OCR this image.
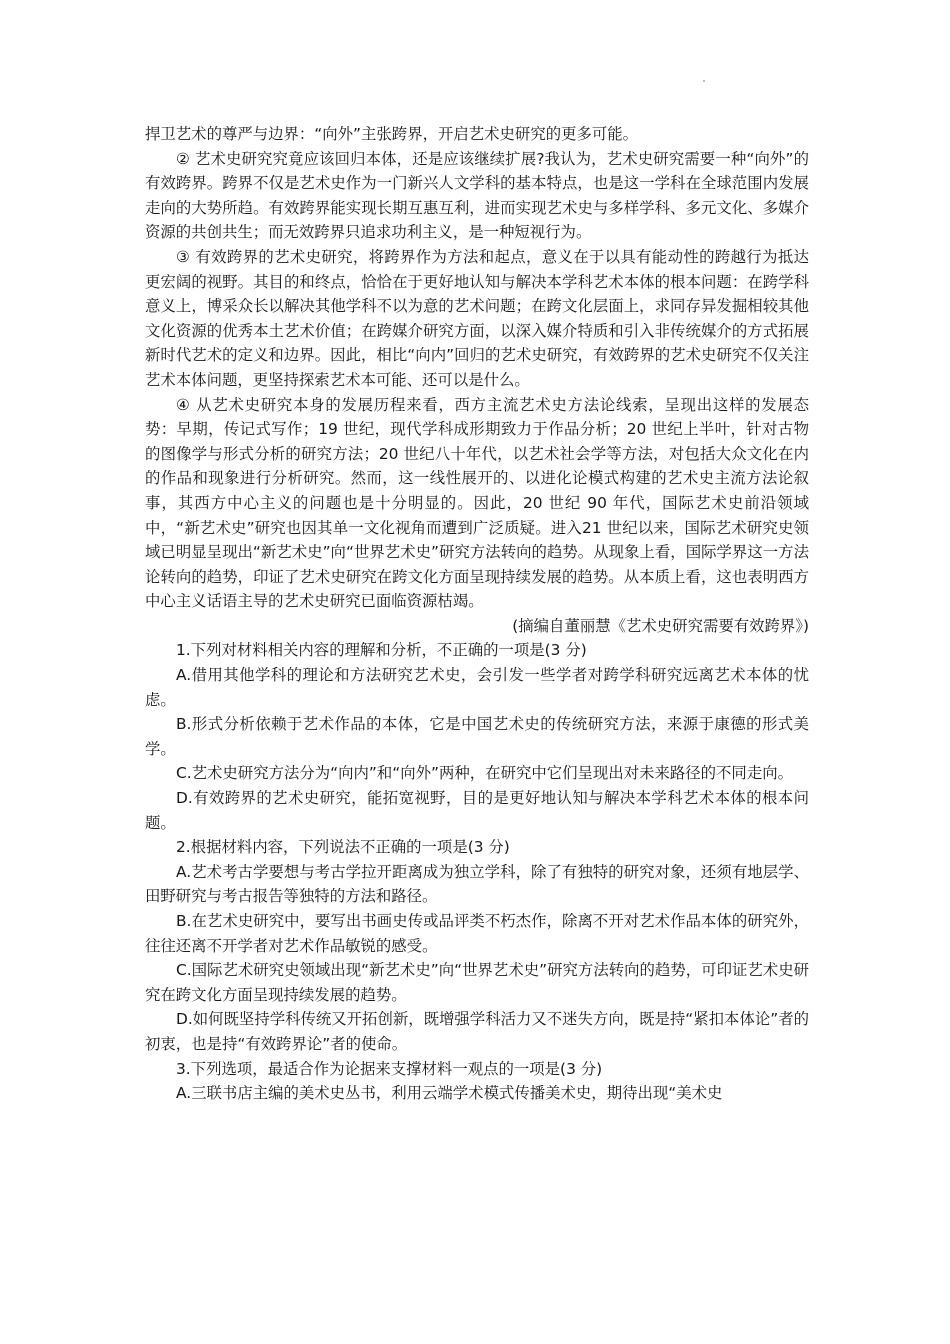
捍卫艺术的尊严与边界：“向外”主张跨界，开启艺术史研究的更多可能。

② 艺术史研究究竟应该回归本体，还是应该继续扩展?我认为，艺术史研究需要一种“向外”的有效跨界。跨界不仅是艺术史作为一门新兴人文学科的基本特点，也是这一学科在全球范围内发展走向的大势所趋。有效跨界能实现长期互惠互利，进而实现艺术史与多样学科、多元文化、多媒介资源的共创共生；而无效跨界只追求功利主义，是一种短视行为。

③ 有效跨界的艺术史研究，将跨界作为方法和起点，意义在于以具有能动性的跨越行为抵达更宏阔的视野。其目的和终点，恰恰在于更好地认知与解决本学科艺术本体的根本问题：在跨学科意义上，博采众长以解决其他学科不以为意的艺术问题；在跨文化层面上，求同存异发掘相较其他文化资源的优秀本土艺术价值；在跨媒介研究方面，以深入媒介特质和引入非传统媒介的方式拓展新时代艺术的定义和边界。因此，相比“向内”回归的艺术史研究，有效跨界的艺术史研究不仅关注艺术本体问题，更坚持探索艺术本可能、还可以是什么。

④ 从艺术史研究本身的发展历程来看，西方主流艺术史方法论线索，呈现出这样的发展态势：早期，传记式写作；19 世纪，现代学科成形期致力于作品分析；20 世纪上半叶，针对古物的图像学与形式分析的研究方法；20 世纪八十年代，以艺术社会学等方法，对包括大众文化在内的作品和现象进行分析研究。然而，这一线性展开的、以进化论模式构建的艺术史主流方法论叙事，其西方中心主义的问题也是十分明显的。因此，20 世纪 90 年代，国际艺术史前沿领域中，“新艺术史”研究也因其单一文化视角而遭到广泛质疑。进入21 世纪以来，国际艺术研究史领域已明显呈现出“新艺术史”向“世界艺术史”研究方法转向的趋势。从现象上看，国际学界这一方法论转向的趋势，印证了艺术史研究在跨文化方面呈现持续发展的趋势。从本质上看，这也表明西方中心主义话语主导的艺术史研究已面临资源枯竭。

(摘编自董丽慧《艺术史研究需要有效跨界》)

1.下列对材料相关内容的理解和分析，不正确的一项是(3 分)

A.借用其他学科的理论和方法研究艺术史，会引发一些学者对跨学科研究远离艺术本体的忧虑。

B.形式分析依赖于艺术作品的本体，它是中国艺术史的传统研究方法，来源于康德的形式美学。

C.艺术史研究方法分为“向内”和“向外”两种，在研究中它们呈现出对未来路径的不同走向。

D.有效跨界的艺术史研究，能拓宽视野，目的是更好地认知与解决本学科艺术本体的根本问题。

2.根据材料内容，下列说法不正确的一项是(3 分)

A.艺术考古学要想与考古学拉开距离成为独立学科，除了有独特的研究对象，还须有地层学、田野研究与考古报告等独特的方法和路径。

B.在艺术史研究中，要写出书画史传或品评类不朽杰作，除离不开对艺术作品本体的研究外，往往还离不开学者对艺术作品敏锐的感受。

C.国际艺术研究史领域出现“新艺术史”向“世界艺术史”研究方法转向的趋势，可印证艺术史研究在跨文化方面呈现持续发展的趋势。

D.如何既坚持学科传统又开拓创新，既增强学科活力又不迷失方向，既是持“紧扣本体论”者的初衷，也是持“有效跨界论”者的使命。

3.下列选项，最适合作为论据来支撑材料一观点的一项是(3 分)

A.三联书店主编的美术史丛书，利用云端学术模式传播美术史，期待出现“美术史
